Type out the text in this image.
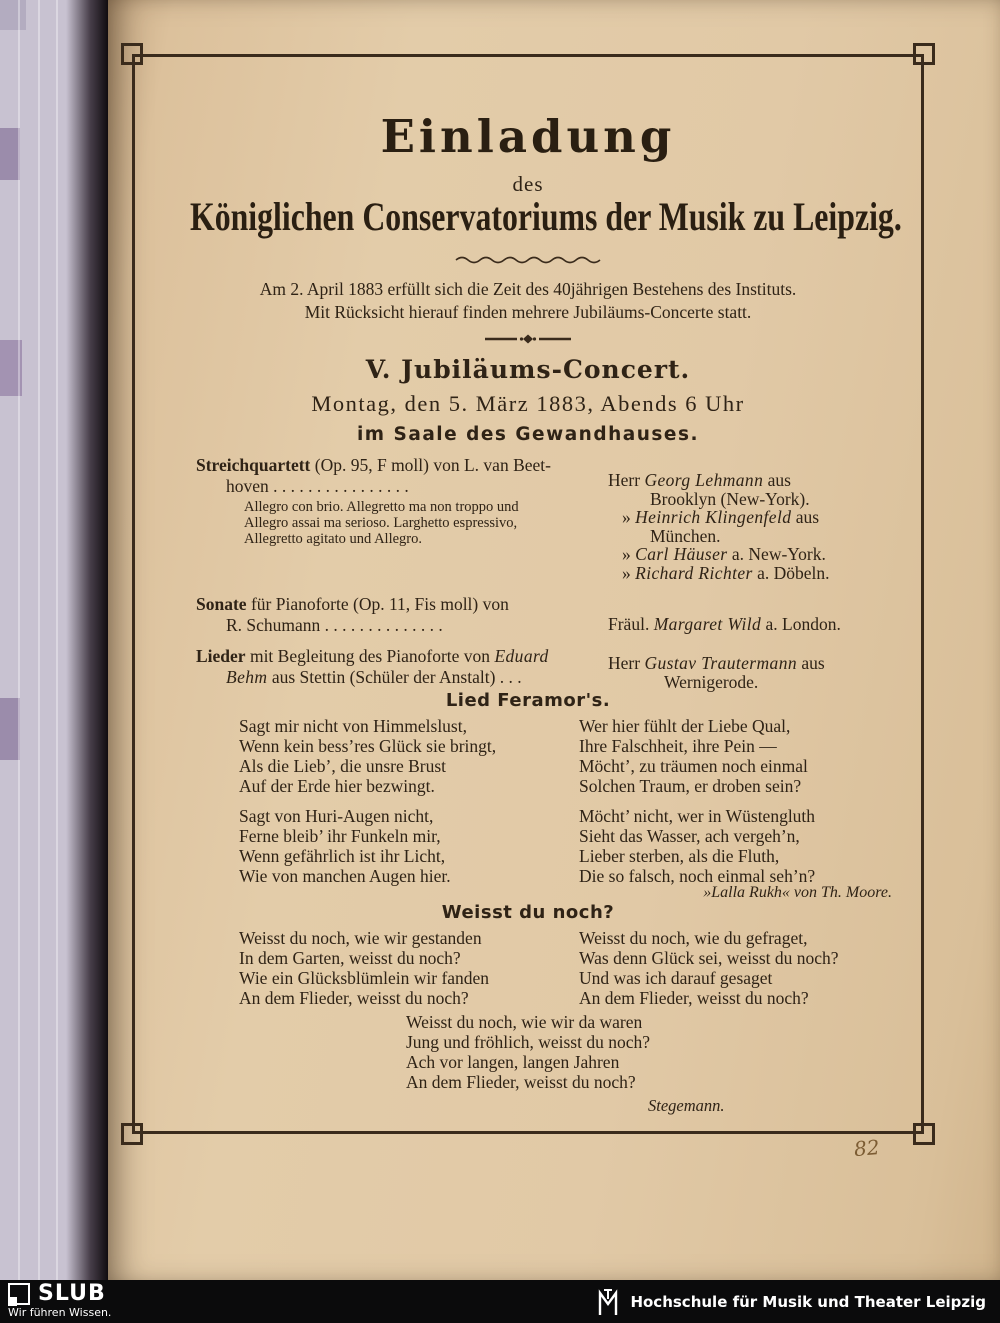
Einladung
des
Königlichen Conservatoriums der Musik zu Leipzig.
Am 2. April 1883 erfüllt sich die Zeit des 40jährigen Bestehens des Instituts.
Mit Rücksicht hierauf finden mehrere Jubiläums-Concerte statt.
V. Jubiläums-Concert.
Montag, den 5. März 1883, Abends 6 Uhr
im Saale des Gewandhauses.
Streichquartett (Op. 95, F moll) von L. van Beet-
hoven . . . . . . . . . . . . . . . .
Allegro con brio. Allegretto ma non troppo und
Allegro assai ma serioso. Larghetto espressivo,
Allegretto agitato und Allegro.
Herr Georg Lehmann aus
Brooklyn (New-York).
» Heinrich Klingenfeld aus
München.
» Carl Häuser a. New-York.
» Richard Richter a. Döbeln.
Sonate für Pianoforte (Op. 11, Fis moll) von
R. Schumann . . . . . . . . . . . . . .	Fräul. Margaret Wild a. London.
Lieder mit Begleitung des Pianoforte von Eduard
Behm aus Stettin (Schüler der Anstalt) . . .
Herr Gustav Trautermann aus
Wernigerode.
Lied Feramor's.
Sagt mir nicht von Himmelslust,
Wenn kein bess’res Glück sie bringt,
Als die Lieb’, die unsre Brust
Auf der Erde hier bezwingt.
Sagt von Huri-Augen nicht,
Ferne bleib’ ihr Funkeln mir,
Wenn gefährlich ist ihr Licht,
Wie von manchen Augen hier.
Wer hier fühlt der Liebe Qual,
Ihre Falschheit, ihre Pein —
Möcht’, zu träumen noch einmal
Solchen Traum, er droben sein?
Möcht’ nicht, wer in Wüstengluth
Sieht das Wasser, ach vergeh’n,
Lieber sterben, als die Fluth,
Die so falsch, noch einmal seh’n?
»Lalla Rukh« von Th. Moore.
Weisst du noch?
Weisst du noch, wie wir gestanden
In dem Garten, weisst du noch?
Wie ein Glücksblümlein wir fanden
An dem Flieder, weisst du noch?
Weisst du noch, wie du gefraget,
Was denn Glück sei, weisst du noch?
Und was ich darauf gesaget
An dem Flieder, weisst du noch?
Weisst du noch, wie wir da waren
Jung und fröhlich, weisst du noch?
Ach vor langen, langen Jahren
An dem Flieder, weisst du noch?
Stegemann.
82
SLUB
Wir führen Wissen.
Hochschule für Musik und Theater Leipzig
